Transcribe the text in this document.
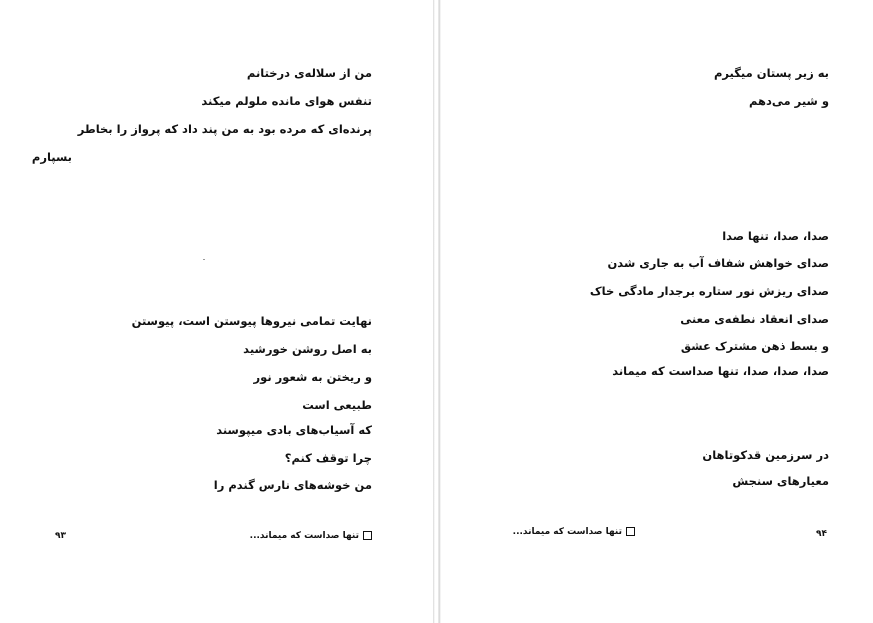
من از سلاله‌ی درختانم
تنفس هوای مانده ملولم میکند
پرنده‌ای که مرده بود به من پند داد که پرواز را بخاطر
بسپارم
نهایت تمامی نیروها پیوستن است، پیوستن
به اصل روشن خورشید
و ریختن به شعور نور
طبیعی است
که آسیاب‌های بادی میپوسند
چرا توقف کنم؟
من خوشه‌های نارس گندم را
تنها صداست که میماند...
۹۳
به زیر پستان میگیرم
و شیر می‌دهم
صدا، صدا، تنها صدا
صدای خواهش شفاف آب به جاری شدن
صدای ریزش نور ستاره برجدار مادگی خاک
صدای انعقاد نطفه‌ی معنی
و بسط ذهن مشترک عشق
صدا، صدا، صدا، تنها صداست که میماند
در سرزمین قدکوتاهان
معیارهای سنجش
تنها صداست که میماند...	۹۴
